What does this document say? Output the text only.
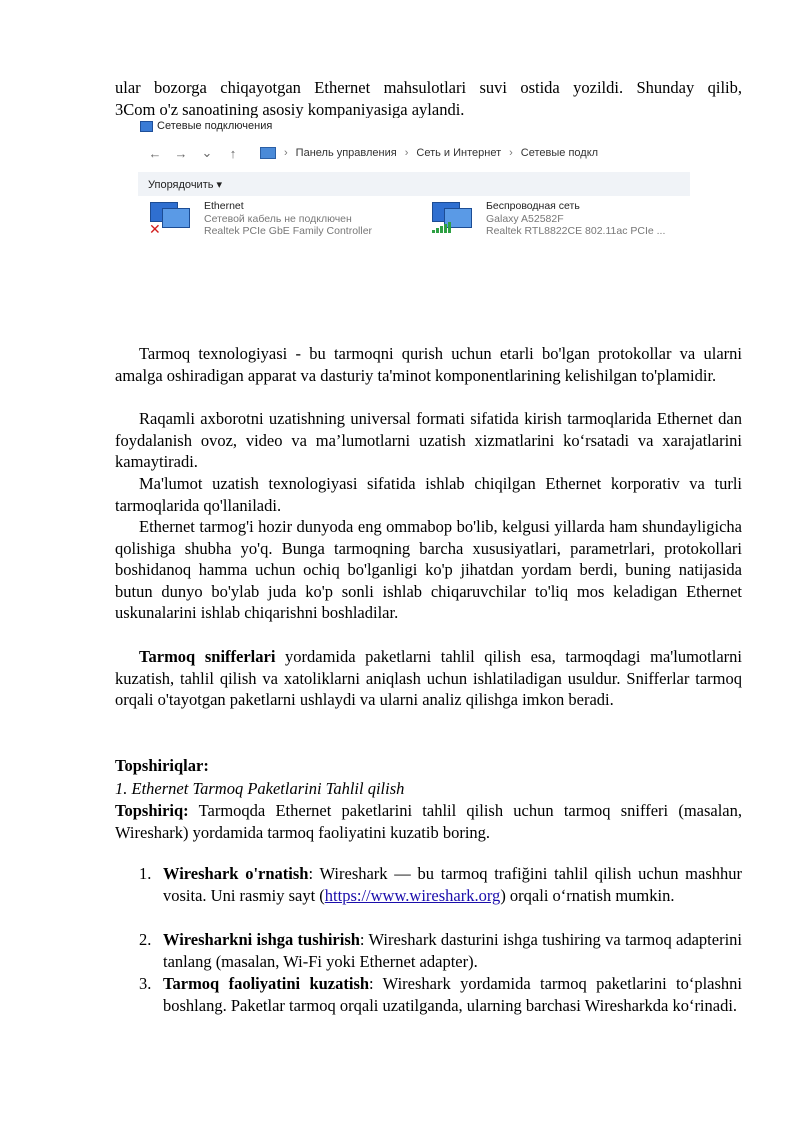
ular bozorga chiqayotgan Ethernet mahsulotlari suvi ostida yozildi. Shunday qilib,
3Com o'z sanoatining asosiy kompaniyasiga aylandi.
Сетевые подключения
← → ⌄	↑	› Панель управления › Сеть и Интернет › Сетевые подкл
Упорядочить ▾
✕
Ethernet
Сетевой кабель не подключен
Realtek PCIe GbE Family Controller
Беспроводная сеть
Galaxy A52582F
Realtek RTL8822CE 802.11ac PCIe ...
Tarmoq texnologiyasi - bu tarmoqni qurish uchun etarli bo'lgan protokollar va ularni amalga oshiradigan apparat va dasturiy ta'minot komponentlarining kelishilgan to'plamidir.
Raqamli axborotni uzatishning universal formati sifatida kirish tarmoqlarida Ethernet dan foydalanish ovoz, video va ma’lumotlarni uzatish xizmatlarini koʻrsatadi va xarajatlarini kamaytiradi.
Ma'lumot uzatish texnologiyasi sifatida ishlab chiqilgan Ethernet korporativ va turli tarmoqlarida qo'llaniladi.
Ethernet tarmog'i hozir dunyoda eng ommabop bo'lib, kelgusi yillarda ham shundayligicha qolishiga shubha yo'q. Bunga tarmoqning barcha xususiyatlari, parametrlari, protokollari boshidanoq hamma uchun ochiq bo'lganligi ko'p jihatdan yordam berdi, buning natijasida butun dunyo bo'ylab juda ko'p sonli ishlab chiqaruvchilar to'liq mos keladigan Ethernet uskunalarini ishlab chiqarishni boshladilar.
Tarmoq snifferlari yordamida paketlarni tahlil qilish esa, tarmoqdagi ma'lumotlarni kuzatish, tahlil qilish va xatoliklarni aniqlash uchun ishlatiladigan usuldur. Snifferlar tarmoq orqali o'tayotgan paketlarni ushlaydi va ularni analiz qilishga imkon beradi.
Topshiriqlar:
1. Ethernet Tarmoq Paketlarini Tahlil qilish
Topshiriq: Tarmoqda Ethernet paketlarini tahlil qilish uchun tarmoq snifferi (masalan, Wireshark) yordamida tarmoq faoliyatini kuzatib boring.
1. Wireshark o'rnatish: Wireshark — bu tarmoq trafiğini tahlil qilish uchun mashhur vosita. Uni rasmiy sayt (https://www.wireshark.org) orqali oʻrnatish mumkin.
2. Wiresharkni ishga tushirish: Wireshark dasturini ishga tushiring va tarmoq adapterini tanlang (masalan, Wi-Fi yoki Ethernet adapter).
3. Tarmoq faoliyatini kuzatish: Wireshark yordamida tarmoq paketlarini toʻplashni boshlang. Paketlar tarmoq orqali uzatilganda, ularning barchasi Wiresharkda koʻrinadi.
